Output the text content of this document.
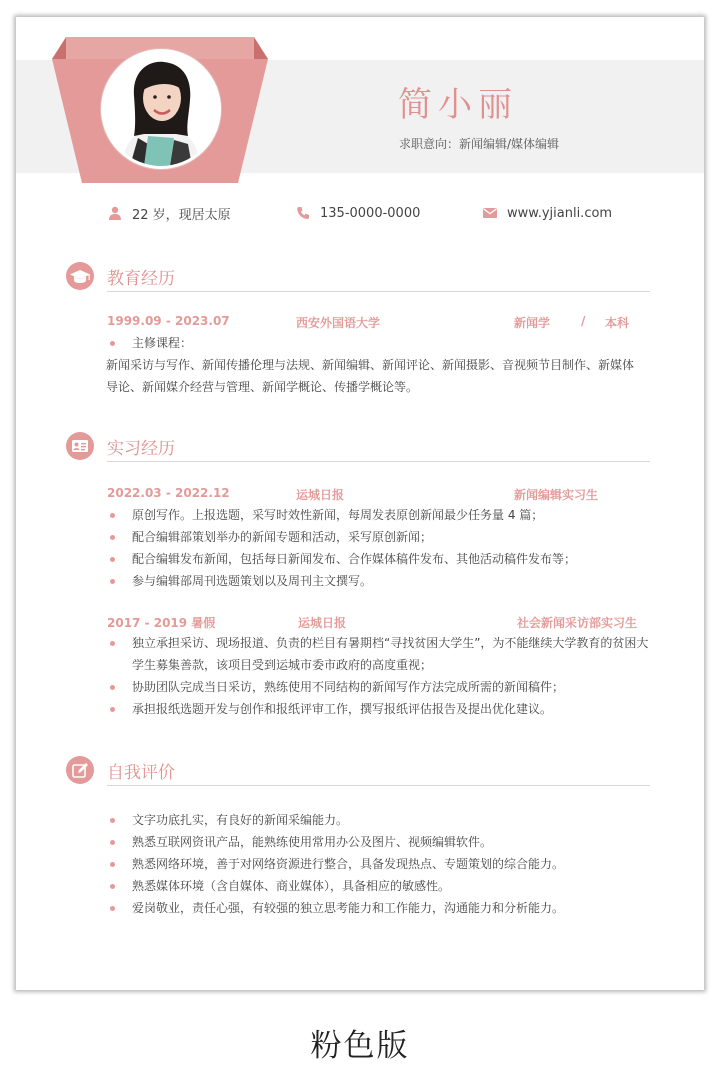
简小丽
求职意向：新闻编辑/媒体编辑
22 岁，现居太原	135-0000-0000	www.yjianli.com
教育经历
1999.09 - 2023.07	西安外国语大学	新闻学	/ 本科
主修课程：
新闻采访与写作、新闻传播伦理与法规、新闻编辑、新闻评论、新闻摄影、音视频节目制作、新媒体
导论、新闻媒介经营与管理、新闻学概论、传播学概论等。
实习经历
2022.03 - 2022.12	运城日报	新闻编辑实习生
原创写作。上报选题，采写时效性新闻，每周发表原创新闻最少任务量 4 篇；
配合编辑部策划举办的新闻专题和活动，采写原创新闻；
配合编辑发布新闻，包括每日新闻发布、合作媒体稿件发布、其他活动稿件发布等；
参与编辑部周刊选题策划以及周刊主文撰写。
2017 - 2019 暑假	运城日报	社会新闻采访部实习生
独立承担采访、现场报道、负责的栏目有暑期档“寻找贫困大学生”，为不能继续大学教育的贫困大学生募集善款，该项目受到运城市委市政府的高度重视；
协助团队完成当日采访，熟练使用不同结构的新闻写作方法完成所需的新闻稿件；
承担报纸选题开发与创作和报纸评审工作，撰写报纸评估报告及提出优化建议。
自我评价
文字功底扎实，有良好的新闻采编能力。
熟悉互联网资讯产品，能熟练使用常用办公及图片、视频编辑软件。
熟悉网络环境，善于对网络资源进行整合，具备发现热点、专题策划的综合能力。
熟悉媒体环境（含自媒体、商业媒体），具备相应的敏感性。
爱岗敬业，责任心强，有较强的独立思考能力和工作能力，沟通能力和分析能力。
粉色版
